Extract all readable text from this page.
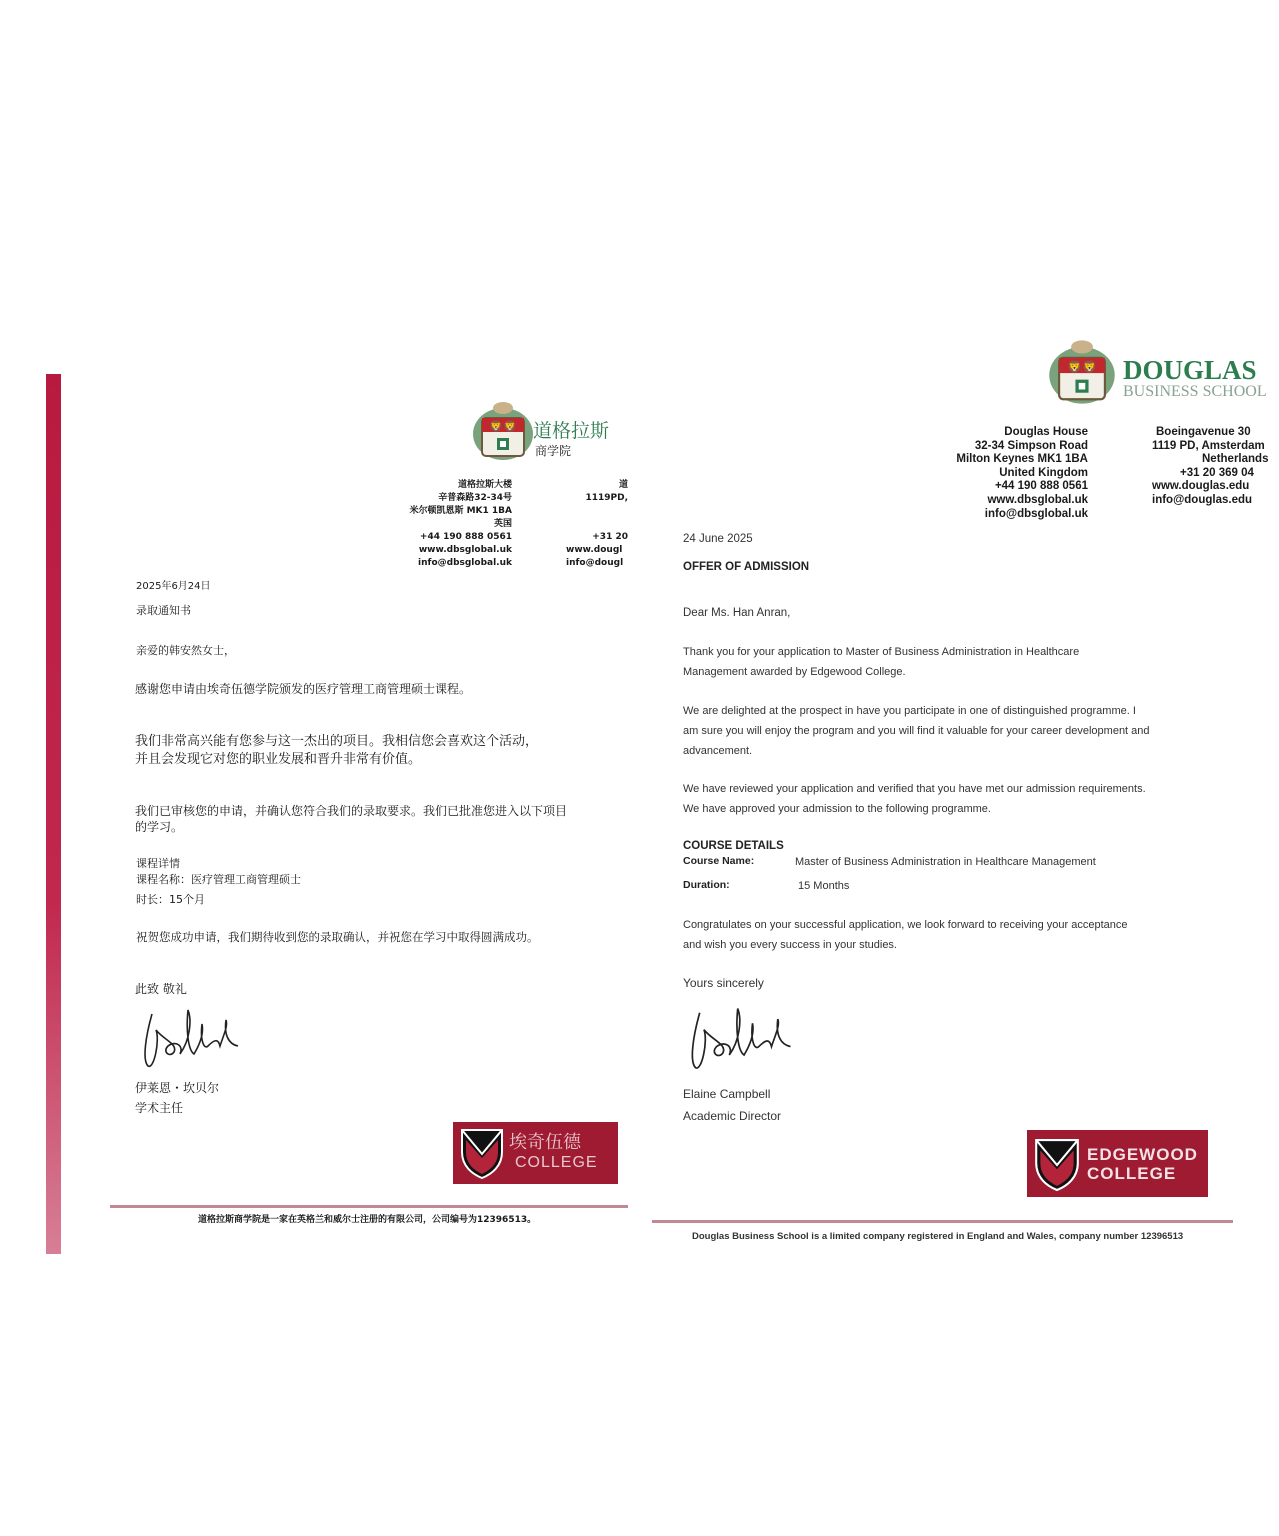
🦁🦁 道格拉斯
商学院
道格拉斯大楼
辛普森路32-34号
米尔顿凯恩斯 MK1 1BA
英国
+44 190 888 0561
www.dbsglobal.uk
info@dbsglobal.uk
道
1119PD,

+31 20
www.dougl
info@dougl
2025年6月24日
录取通知书
亲爱的韩安然女士，
感谢您申请由埃奇伍德学院颁发的医疗管理工商管理硕士课程。
我们非常高兴能有您参与这一杰出的项目。我相信您会喜欢这个活动，
并且会发现它对您的职业发展和晋升非常有价值。
我们已审核您的申请，并确认您符合我们的录取要求。我们已批准您进入以下项目
的学习。
课程详情
课程名称：医疗管理工商管理硕士
时长：15个月
祝贺您成功申请，我们期待收到您的录取确认，并祝您在学习中取得圆满成功。
此致 敬礼
伊莱恩・坎贝尔
学术主任
埃奇伍德
COLLEGE
道格拉斯商学院是一家在英格兰和威尔士注册的有限公司，公司编号为12396513。
🦁🦁 DOUGLAS
BUSINESS SCHOOL
Douglas House
32-34 Simpson Road
Milton Keynes MK1 1BA
United Kingdom
+44 190 888 0561
www.dbsglobal.uk
info@dbsglobal.uk
Boeingavenue 30
1119 PD, Amsterdam
Netherlands
+31 20 369 04
www.douglas.edu
info@douglas.edu
24 June 2025
OFFER OF ADMISSION
Dear Ms. Han Anran,
Thank you for your application to Master of Business Administration in Healthcare
Management awarded by Edgewood College.
We are delighted at the prospect in have you participate in one of distinguished programme. I
am sure you will enjoy the program and you will find it valuable for your career development and
advancement.
We have reviewed your application and verified that you have met our admission requirements.
We have approved your admission to the following programme.
COURSE DETAILS
Course Name:	Master of Business Administration in Healthcare Management
Duration:	15 Months
Congratulates on your successful application, we look forward to receiving your acceptance
and wish you every success in your studies.
Yours sincerely
Elaine Campbell
Academic Director
EDGEWOOD
COLLEGE
Douglas Business School is a limited company registered in England and Wales, company number 12396513
